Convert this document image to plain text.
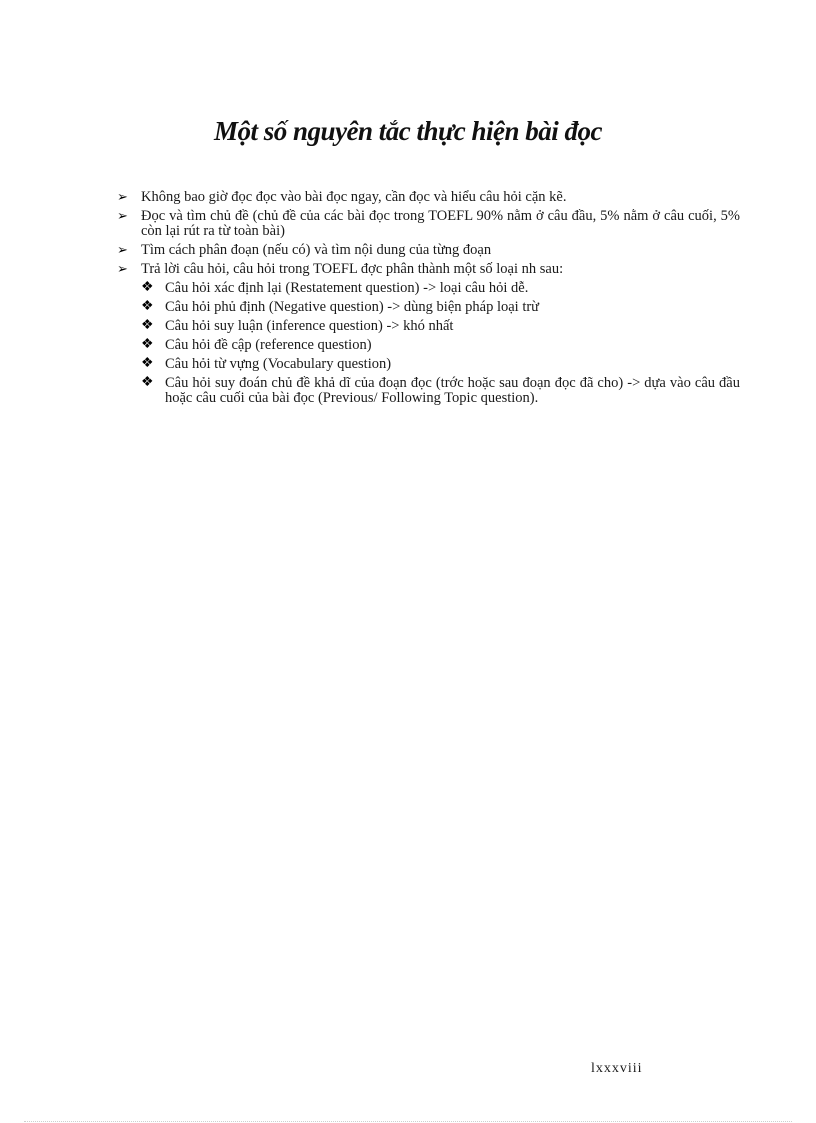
Một số nguyên tắc thực hiện bài đọc
➢ Không bao giờ đọc đọc vào bài đọc ngay, cần đọc và hiểu câu hỏi cặn kẽ.
➢ Đọc và tìm chủ đề (chủ đề của các bài đọc trong TOEFL 90% nằm ở câu đầu, 5% nằm ở câu cuối, 5% còn lại rút ra từ toàn bài)
➢ Tìm cách phân đoạn (nếu có) và tìm nội dung của từng đoạn
➢ Trả lời câu hỏi, câu hỏi trong TOEFL đợc phân thành một số loại nh sau:
❖ Câu hỏi xác định lại (Restatement question) -> loại câu hỏi dễ.
❖ Câu hỏi phủ định (Negative question) -> dùng biện pháp loại trừ
❖ Câu hỏi suy luận (inference question) -> khó nhất
❖ Câu hỏi đề cập (reference question)
❖ Câu hỏi từ vựng (Vocabulary question)
❖ Câu hỏi suy đoán chủ đề khả dĩ của đoạn đọc (trớc hoặc sau đoạn đọc đã cho) -> dựa vào câu đầu hoặc câu cuối của bài đọc (Previous/ Following Topic question).
lxxxviii
